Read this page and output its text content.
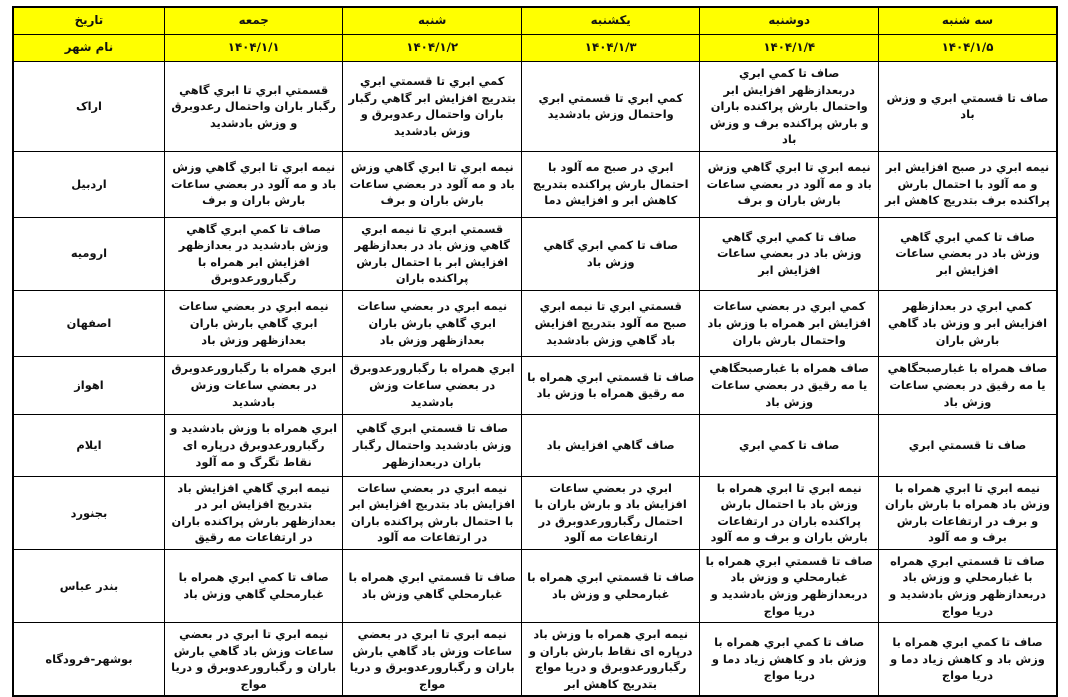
سه شنبه	دوشنبه	یکشنبه	شنبه	جمعه	تاریخ
۱۴۰۴/۱/۵	۱۴۰۴/۱/۴	۱۴۰۴/۱/۳	۱۴۰۴/۱/۲	۱۴۰۴/۱/۱	نام شهر
صاف تا قسمتي ابري و وزش باد	صاف تا كمي ابري دربعدازظهر افزایش ابر واحتمال بارش پراكنده باران و بارش پراكنده برف و وزش باد	كمي ابري تا قسمتي ابري واحتمال وزش بادشدید	كمي ابري تا قسمتي ابري بتدریج افزایش ابر گاهي رگبار باران واحتمال رعدوبرق و وزش بادشدید	قسمتي ابري تا ابري گاهي رگبار باران واحتمال رعدوبرق و وزش بادشدید	اراک
نیمه ابري در صبح افزایش ابر و مه آلود با احتمال بارش پراكنده برف بتدریج كاهش ابر	نیمه ابري تا ابري گاهي وزش باد و مه آلود در بعضي ساعات بارش باران و برف	ابري در صبح مه آلود با احتمال بارش پراكنده بتدریج كاهش ابر و افزایش دما	نیمه ابري تا ابري گاهي وزش باد و مه آلود در بعضي ساعات بارش باران و برف	نیمه ابري تا ابري گاهي وزش باد و مه آلود در بعضي ساعات بارش باران و برف	اردبیل
صاف تا كمي ابري گاهي وزش باد در بعضي ساعات افزایش ابر	صاف تا كمي ابري گاهي وزش باد در بعضي ساعات افزایش ابر	صاف تا كمي ابري گاهي وزش باد	قسمتي ابري تا نیمه ابري گاهي وزش باد در بعدازظهر افزایش ابر با احتمال بارش پراكنده باران	صاف تا كمي ابري گاهي وزش بادشدید در بعدازظهر افزایش ابر همراه با رگبارورعدوبرق	ارومیه
كمي ابري در بعدازظهر افزایش ابر و وزش باد گاهي بارش باران	كمي ابري در بعضي ساعات افزایش ابر همراه با وزش باد واحتمال بارش باران	قسمتي ابري تا نیمه ابري صبح مه آلود بتدریج افزایش باد گاهي وزش بادشدید	نیمه ابري در بعضي ساعات ابري گاهي بارش باران بعدازظهر وزش باد	نیمه ابري در بعضي ساعات ابري گاهي بارش باران بعدازظهر وزش باد	اصفهان
صاف همراه با غبارصبحگاهي یا مه رقیق در بعضي ساعات وزش باد	صاف همراه با غبارصبحگاهي یا مه رقیق در بعضي ساعات وزش باد	صاف تا قسمتي ابري همراه با مه رقیق همراه با وزش باد	ابري همراه با رگبارورعدوبرق در بعضي ساعات وزش بادشدید	ابري همراه با رگبارورعدوبرق در بعضي ساعات وزش بادشدید	اهواز
صاف تا قسمتي ابري	صاف تا كمي ابري	صاف گاهي افزایش باد	صاف تا قسمتي ابري گاهي وزش بادشدید واحتمال رگبار باران دربعدازظهر	ابري همراه با وزش بادشدید و رگبارورعدوبرق درپاره ای نقاط تگرگ و مه آلود	ایلام
نیمه ابري تا ابري همراه با وزش باد همراه با بارش باران و برف در ارتفاعات بارش برف و مه آلود	نیمه ابري تا ابري همراه با وزش باد با احتمال بارش پراكنده باران در ارتفاعات بارش باران و برف و مه آلود	ابري در بعضي ساعات افزایش باد و بارش باران با احتمال رگبارورعدوبرق در ارتفاعات مه آلود	نیمه ابري در بعضي ساعات افزایش باد بتدریج افزایش ابر با احتمال بارش پراكنده باران در ارتفاعات مه آلود	نیمه ابري گاهي افزایش باد بتدریج افزایش ابر در بعدازظهر بارش پراكنده باران در ارتفاعات مه رقیق	بجنورد
صاف تا قسمتي ابري همراه با غبارمحلي و وزش باد دربعدازظهر وزش بادشدید و دریا مواج	صاف تا قسمتي ابري همراه با غبارمحلي و وزش باد دربعدازظهر وزش بادشدید و دریا مواج	صاف تا قسمتي ابري همراه با غبارمحلي و وزش باد	صاف تا قسمتي ابري همراه با غبارمحلي گاهي وزش باد	صاف تا كمي ابري همراه با غبارمحلي گاهي وزش باد	بندر عباس
صاف تا كمي ابري همراه با وزش باد و كاهش زیاد دما و دریا مواج	صاف تا كمي ابري همراه با وزش باد و كاهش زیاد دما و دریا مواج	نیمه ابري همراه با وزش باد درپاره ای نقاط بارش باران و رگبارورعدوبرق و دریا مواج بتدریج كاهش ابر	نیمه ابري تا ابري در بعضي ساعات وزش باد گاهي بارش باران و رگبارورعدوبرق و دریا مواج	نیمه ابري تا ابري در بعضي ساعات وزش باد گاهي بارش باران و رگبارورعدوبرق و دریا مواج	بوشهر-فرودگاه
